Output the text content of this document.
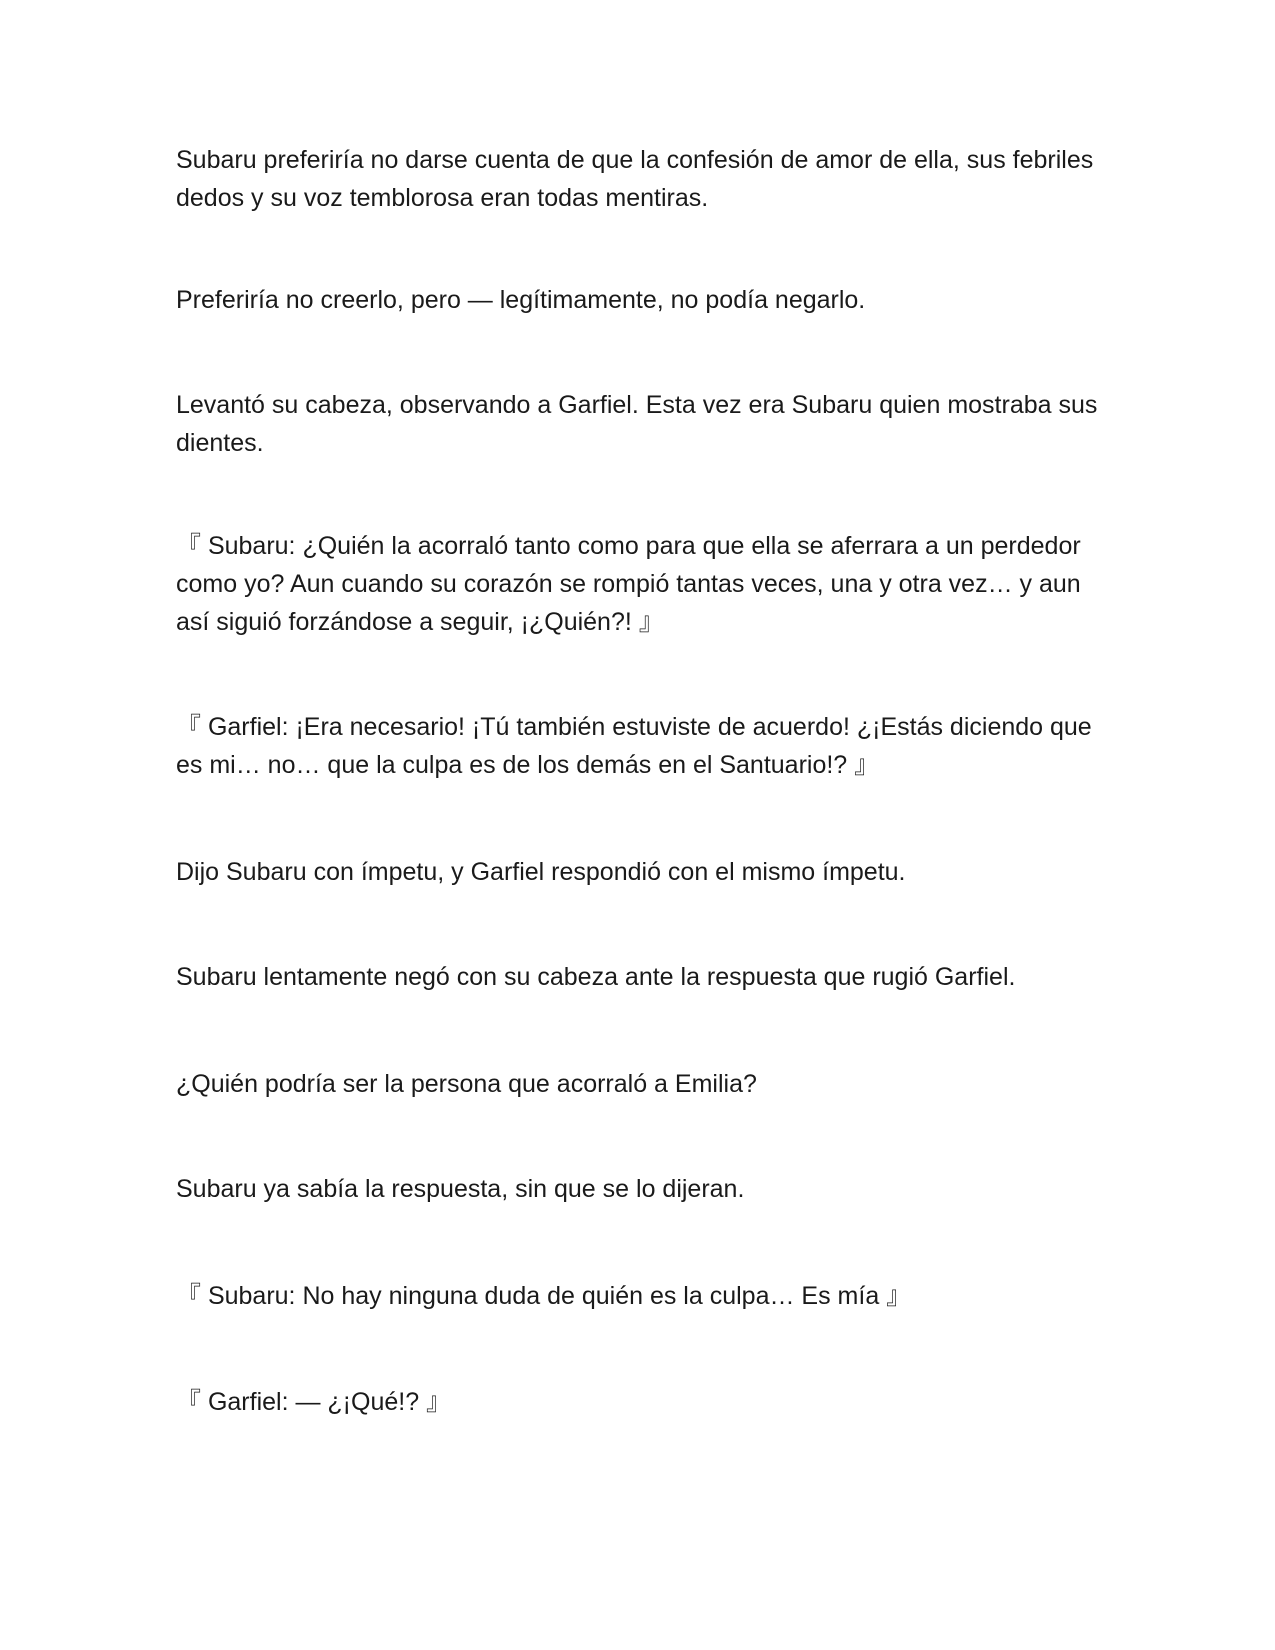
Subaru preferiría no darse cuenta de que la confesión de amor de ella, sus febriles dedos y su voz temblorosa eran todas mentiras.

Preferiría no creerlo, pero — legítimamente, no podía negarlo.

Levantó su cabeza, observando a Garfiel. Esta vez era Subaru quien mostraba sus dientes.

『 Subaru: ¿Quién la acorraló tanto como para que ella se aferrara a un perdedor como yo? Aun cuando su corazón se rompió tantas veces, una y otra vez… y aun así siguió forzándose a seguir, ¡¿Quién?! 』

『 Garfiel: ¡Era necesario! ¡Tú también estuviste de acuerdo! ¿¡Estás diciendo que es mi… no… que la culpa es de los demás en el Santuario!? 』

Dijo Subaru con ímpetu, y Garfiel respondió con el mismo ímpetu.

Subaru lentamente negó con su cabeza ante la respuesta que rugió Garfiel.

¿Quién podría ser la persona que acorraló a Emilia?

Subaru ya sabía la respuesta, sin que se lo dijeran.

『 Subaru: No hay ninguna duda de quién es la culpa… Es mía 』

『 Garfiel: — ¿¡Qué!? 』
